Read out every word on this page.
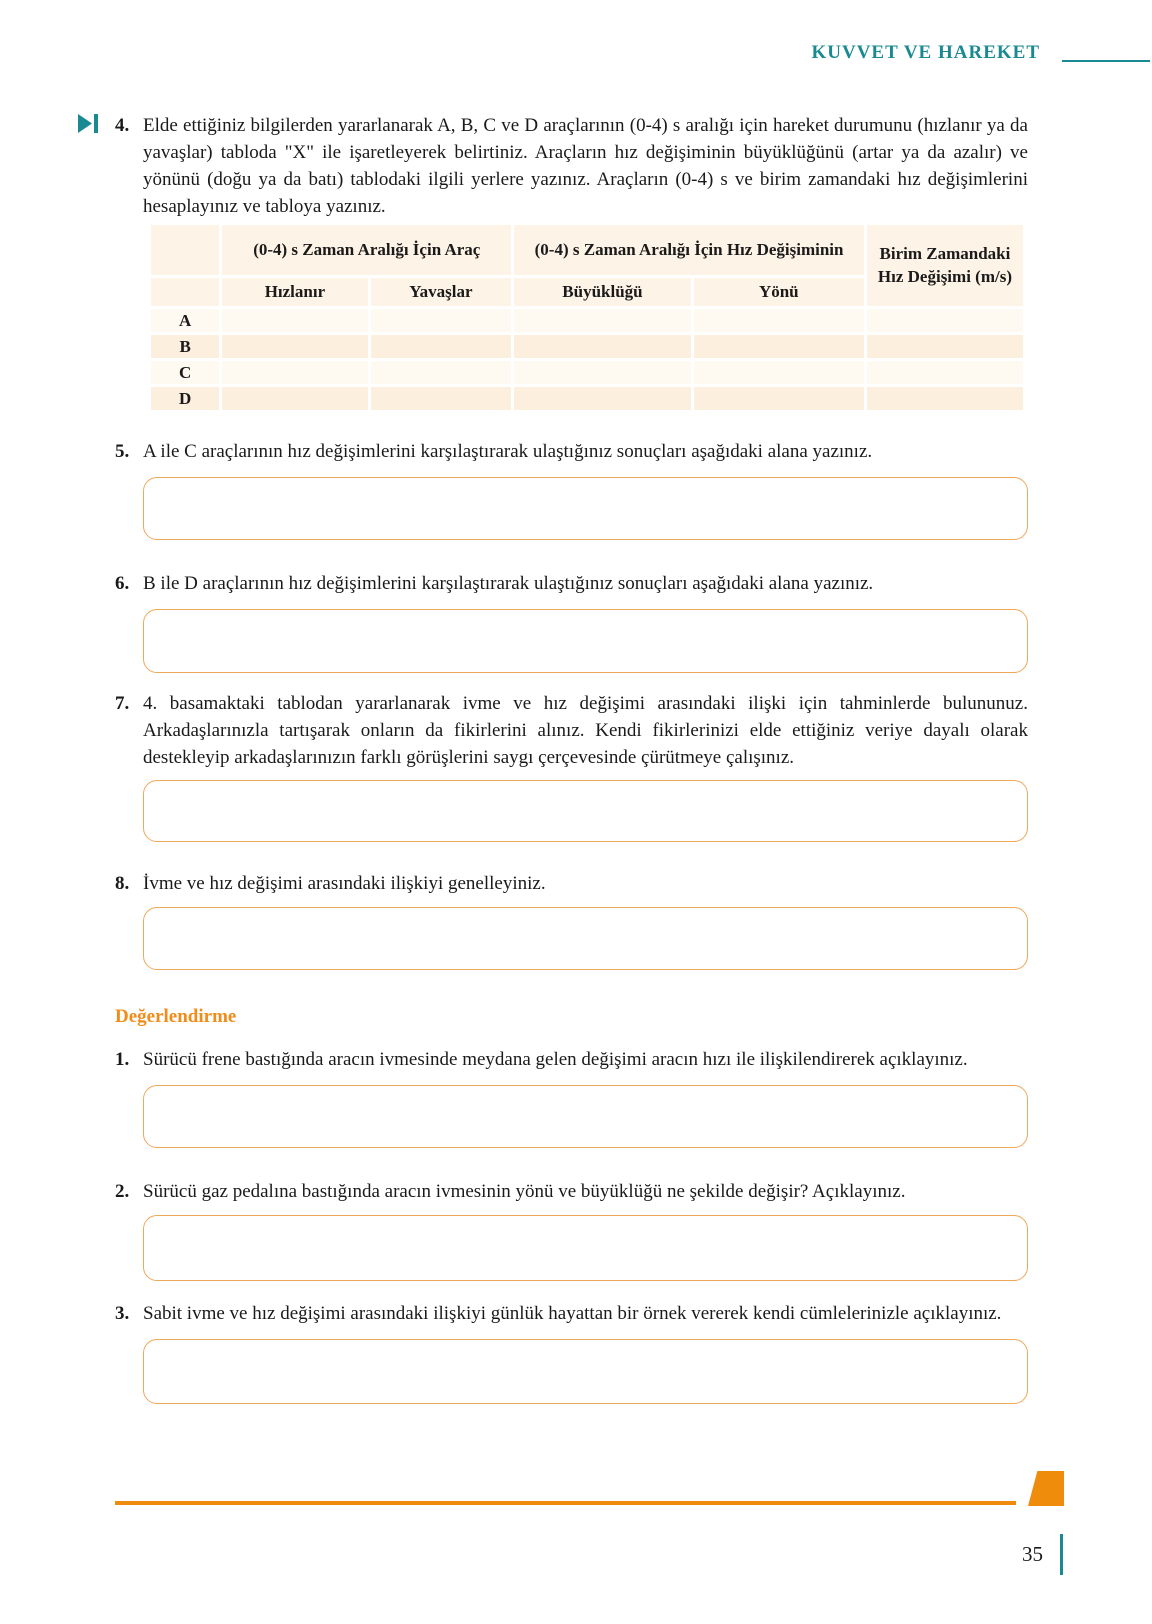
KUVVET VE HAREKET
4. Elde ettiğiniz bilgilerden yararlanarak A, B, C ve D araçlarının (0-4) s aralığı için hareket durumunu (hızlanır ya da yavaşlar) tabloda "X" ile işaretleyerek belirtiniz. Araçların hız değişiminin büyüklüğünü (artar ya da azalır) ve yönünü (doğu ya da batı) tablodaki ilgili yerlere yazınız. Araçların (0-4) s ve birim zamandaki hız değişimlerini hesaplayınız ve tabloya yazınız.
	(0-4) s Zaman Aralığı İçin Araç		(0-4) s Zaman Aralığı İçin Hız Değişiminin		Birim Zamandaki Hız Değişimi (m/s)
	Hızlanır	Yavaşlar	Büyüklüğü	Yönü	
A					
B					
C					
D					
5. A ile C araçlarının hız değişimlerini karşılaştırarak ulaştığınız sonuçları aşağıdaki alana yazınız.
6. B ile D araçlarının hız değişimlerini karşılaştırarak ulaştığınız sonuçları aşağıdaki alana yazınız.
7. 4. basamaktaki tablodan yararlanarak ivme ve hız değişimi arasındaki ilişki için tahminlerde bulununuz. Arkadaşlarınızla tartışarak onların da fikirlerini alınız. Kendi fikirlerinizi elde ettiğiniz veriye dayalı olarak destekleyip arkadaşlarınızın farklı görüşlerini saygı çerçevesinde çürütmeye çalışınız.
8. İvme ve hız değişimi arasındaki ilişkiyi genelleyiniz.
Değerlendirme
1. Sürücü frene bastığında aracın ivmesinde meydana gelen değişimi aracın hızı ile ilişkilendirerek açıklayınız.
2. Sürücü gaz pedalına bastığında aracın ivmesinin yönü ve büyüklüğü ne şekilde değişir? Açıklayınız.
3. Sabit ivme ve hız değişimi arasındaki ilişkiyi günlük hayattan bir örnek vererek kendi cümlelerinizle açıklayınız.
35
